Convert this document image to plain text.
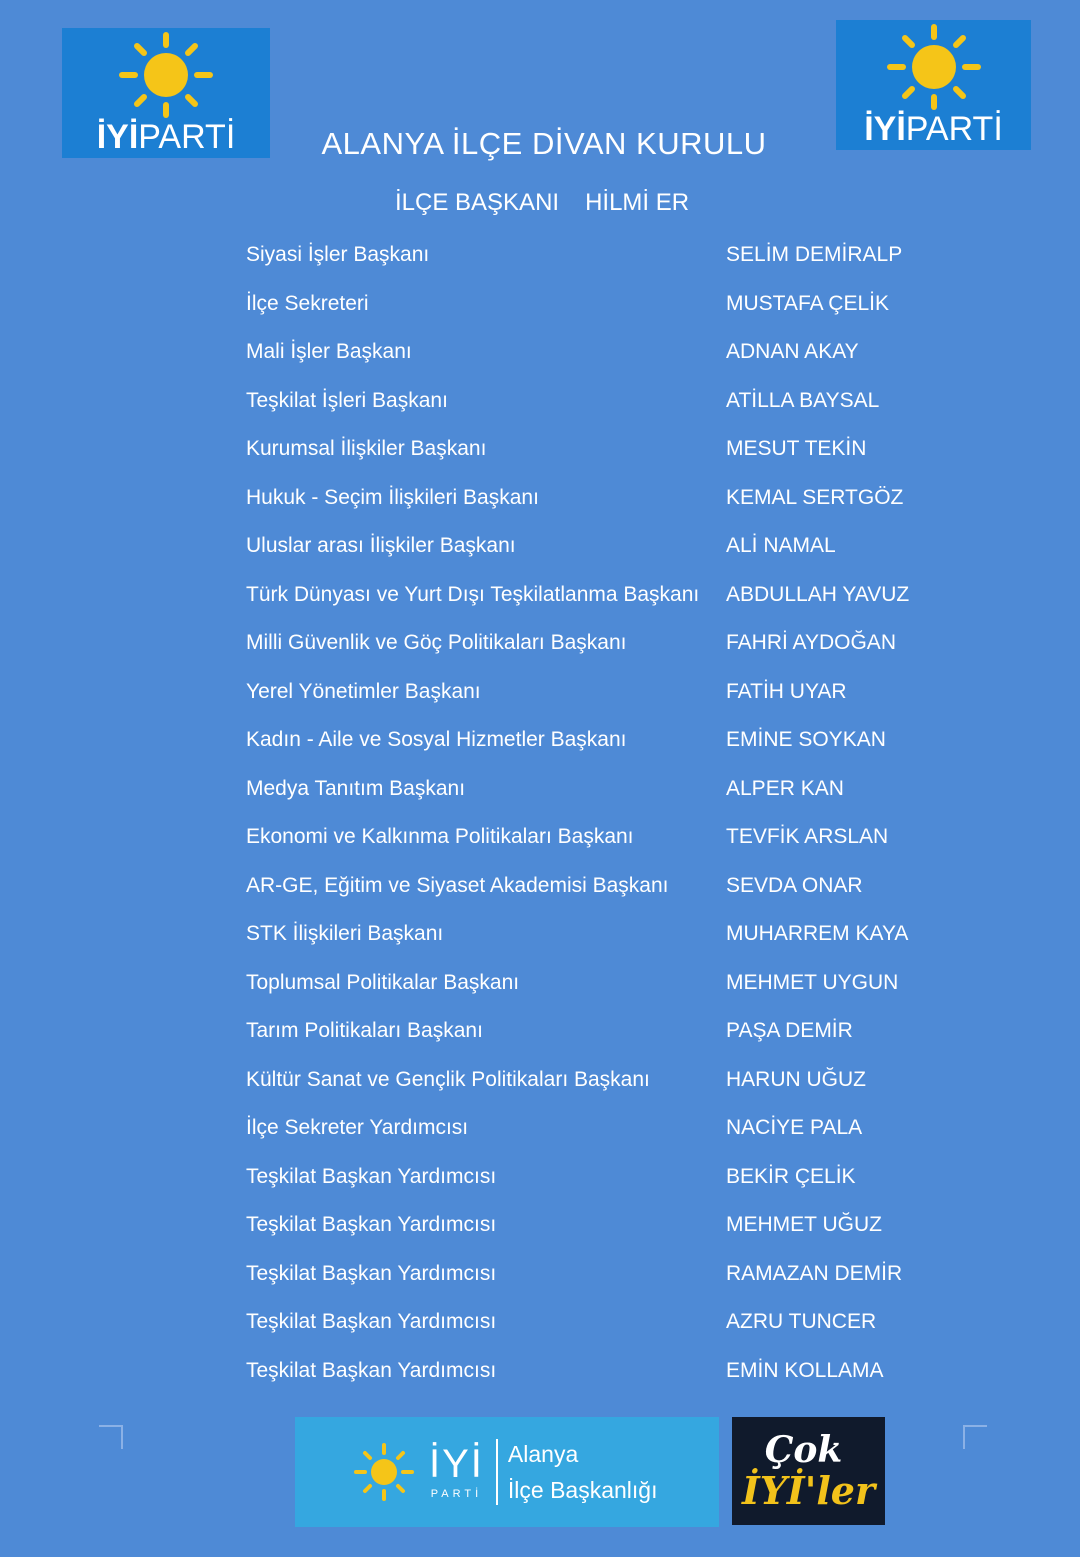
İYİPARTİ	İYİPARTİ
ALANYA İLÇE DİVAN KURULU
İLÇE BAŞKANI HİLMİ ER
Siyasi İşler Başkanı	SELİM DEMİRALP
İlçe Sekreteri	MUSTAFA ÇELİK
Mali İşler Başkanı	ADNAN AKAY
Teşkilat İşleri Başkanı	ATİLLA BAYSAL
Kurumsal İlişkiler Başkanı	MESUT TEKİN
Hukuk - Seçim İlişkileri Başkanı	KEMAL SERTGÖZ
Uluslar arası İlişkiler Başkanı	ALİ NAMAL
Türk Dünyası ve Yurt Dışı Teşkilatlanma Başkanı ABDULLAH YAVUZ
Milli Güvenlik ve Göç Politikaları Başkanı	FAHRİ AYDOĞAN
Yerel Yönetimler Başkanı	FATİH UYAR
Kadın - Aile ve Sosyal Hizmetler Başkanı	EMİNE SOYKAN
Medya Tanıtım Başkanı	ALPER KAN
Ekonomi ve Kalkınma Politikaları Başkanı	TEVFİK ARSLAN
AR-GE, Eğitim ve Siyaset Akademisi Başkanı	SEVDA ONAR
STK İlişkileri Başkanı	MUHARREM KAYA
Toplumsal Politikalar Başkanı	MEHMET UYGUN
Tarım Politikaları Başkanı	PAŞA DEMİR
Kültür Sanat ve Gençlik Politikaları Başkanı	HARUN UĞUZ
İlçe Sekreter Yardımcısı	NACİYE PALA
Teşkilat Başkan Yardımcısı	BEKİR ÇELİK
Teşkilat Başkan Yardımcısı	MEHMET UĞUZ
Teşkilat Başkan Yardımcısı	RAMAZAN DEMİR
Teşkilat Başkan Yardımcısı	AZRU TUNCER
Teşkilat Başkan Yardımcısı	EMİN KOLLAMA
İYİ
PARTİ
Alanya
İlçe Başkanlığı
Çok
İYİ'ler
